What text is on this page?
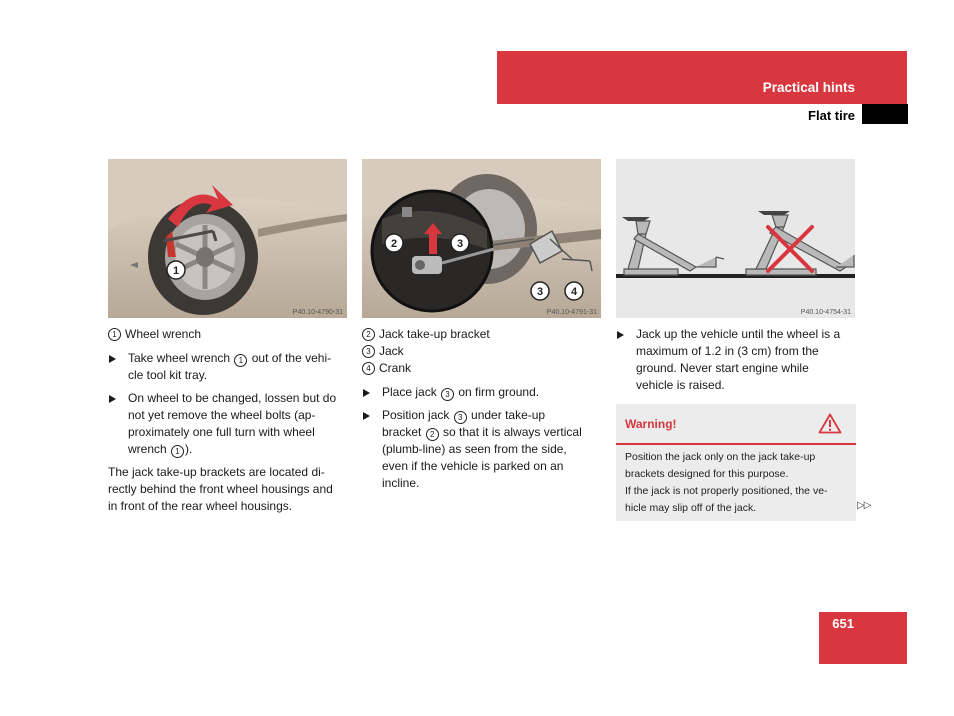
Practical hints
Flat tire
1
P40.10-4790-31
2	3
3	4
P40.10-4791-31	P40.10-4754-31
1 Wheel wrench

Take wheel wrench 1 out of the vehi-
cle tool kit tray.

On wheel to be changed, lossen but do
not yet remove the wheel bolts (ap-
proximately one full turn with wheel
wrench 1 ).

The jack take-up brackets are located di-
rectly behind the front wheel housings and
in front of the rear wheel housings.

2 Jack take-up bracket
3 Jack
4 Crank

Place jack 3 on firm ground.

Position jack 3 under take-up
bracket 2 so that it is always vertical
(plumb-line) as seen from the side,
even if the vehicle is parked on an
incline.

Jack up the vehicle until the wheel is a
maximum of 1.2 in (3 cm) from the
ground. Never start engine while
vehicle is raised.

Warning!
Position the jack only on the jack take-up
brackets designed for this purpose.
If the jack is not properly positioned, the ve-
hicle may slip off of the jack.	▷▷
651
